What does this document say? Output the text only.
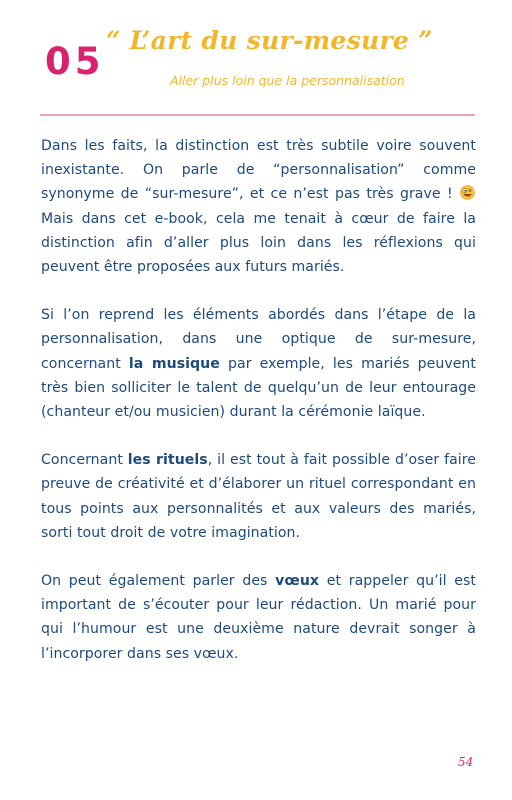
05 “ L’art du sur-mesure ”

Aller plus loin que la personnalisation

Dans les faits, la distinction est très subtile voire souvent inexistante. On parle de “personnalisation” comme synonyme de “sur-mesure”, et ce n’est pas très grave !  Mais dans cet e-book, cela me tenait à cœur de faire la distinction afin d’aller plus loin dans les réflexions qui peuvent être proposées aux futurs mariés.

Si l’on reprend les éléments abordés dans l’étape de la personnalisation, dans une optique de sur-mesure, concernant la musique par exemple, les mariés peuvent très bien solliciter le talent de quelqu’un de leur entourage (chanteur et/ou musicien) durant la cérémonie laïque.

Concernant les rituels, il est tout à fait possible d’oser faire preuve de créativité et d’élaborer un rituel correspondant en tous points aux personnalités et aux valeurs des mariés, sorti tout droit de votre imagination.

On peut également parler des vœux et rappeler qu’il est important de s’écouter pour leur rédaction. Un marié pour qui l’humour est une deuxième nature devrait songer à l’incorporer dans ses vœux.

54
